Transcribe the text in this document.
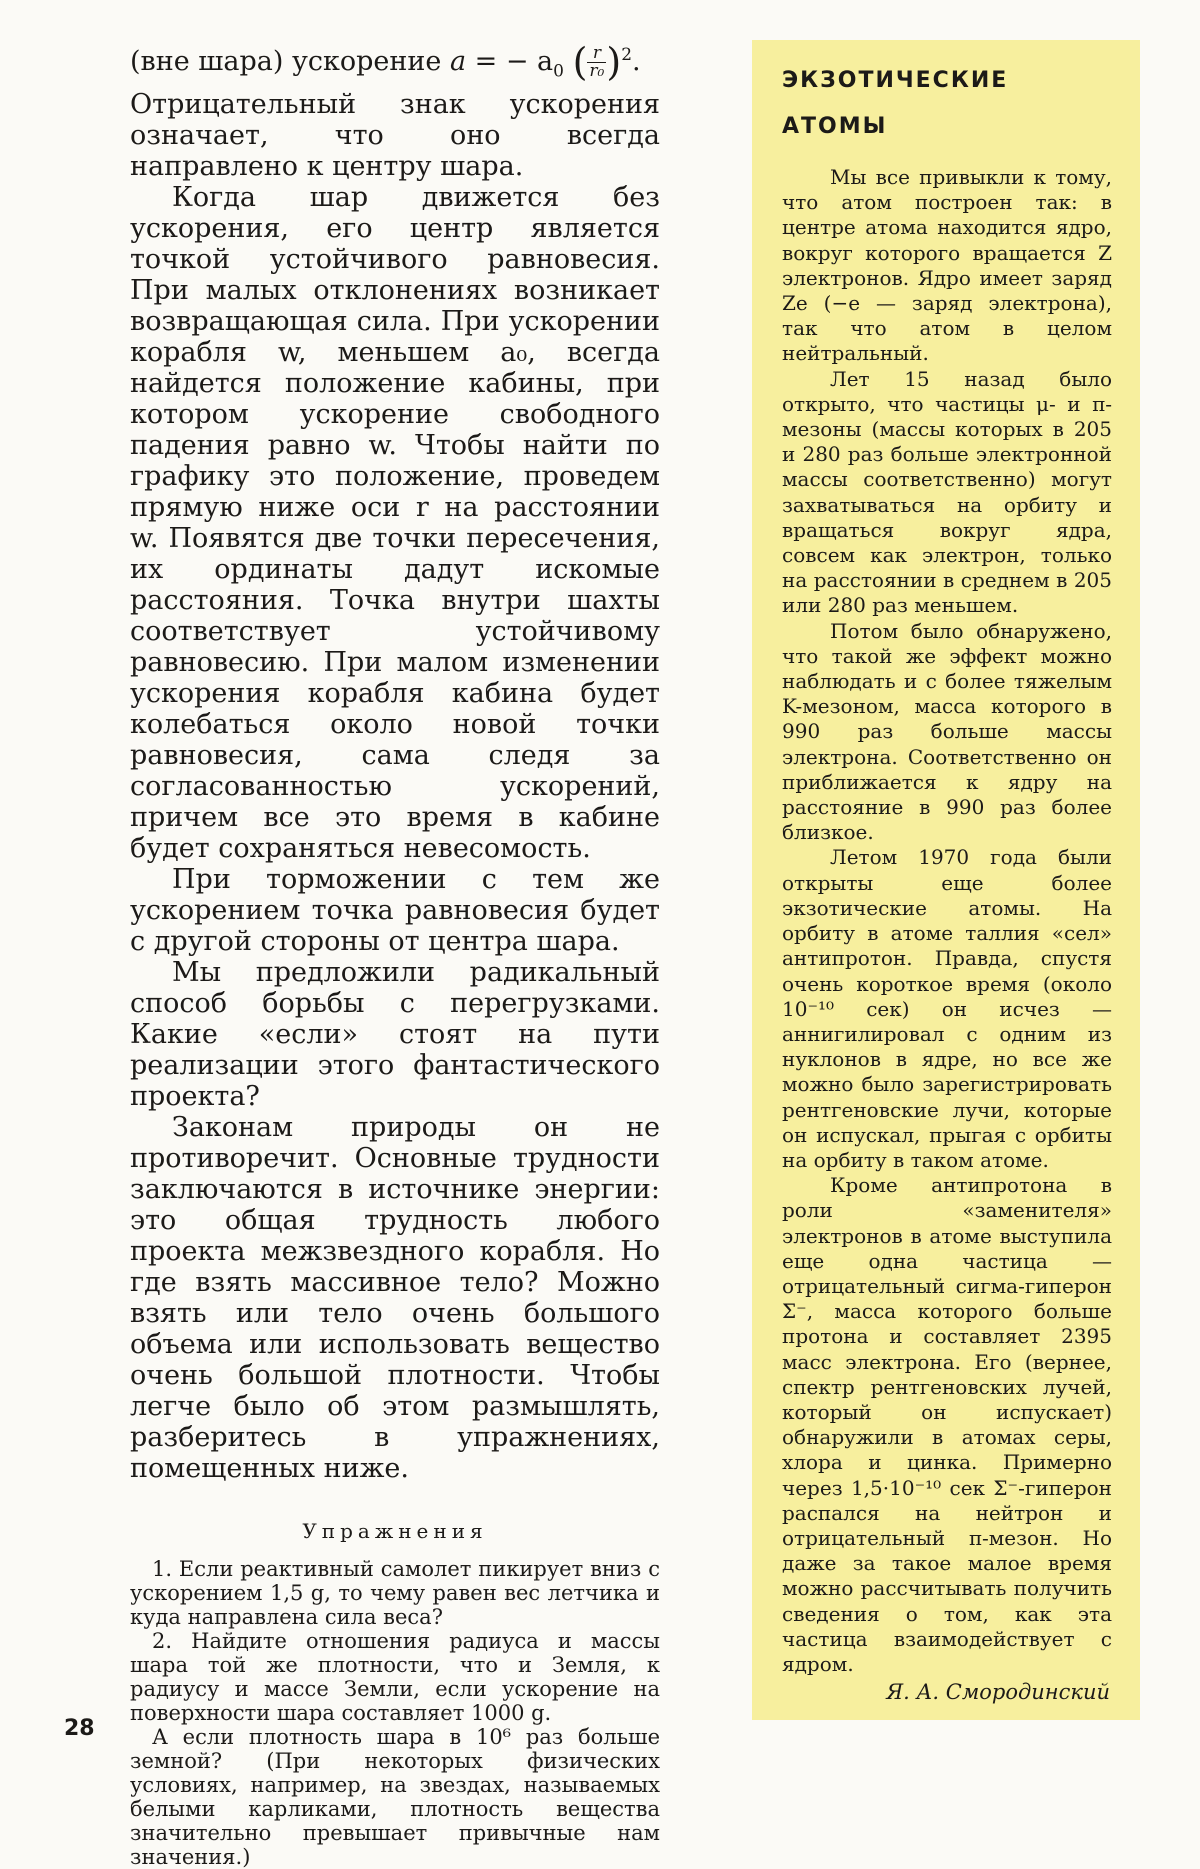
(вне шара) ускорение a = − $a_0$ ( $\frac{r}{\text{r₀}} )^2$.

Отрицательный знак ускорения означает, что оно всегда направлено к центру шара.

Когда шар движется без ускорения, его центр является точкой устойчивого равновесия. При малых отклонениях возникает возвращающая сила. При ускорении корабля w, меньшем a₀, всегда найдется положение кабины, при котором ускорение свободного падения равно w. Чтобы найти по графику это положение, проведем прямую ниже оси r на расстоянии w. Появятся две точки пересечения, их ординаты дадут искомые расстояния. Точка внутри шахты соответствует устойчивому равновесию. При малом изменении ускорения корабля кабина будет колебаться около новой точки равновесия, сама следя за согласованностью ускорений, причем все это время в кабине будет сохраняться невесомость.

При торможении с тем же ускорением точка равновесия будет с другой стороны от центра шара.

Мы предложили радикальный способ борьбы с перегрузками. Какие «если» стоят на пути реализации этого фантастического проекта?

Законам природы он не противоречит. Основные трудности заключаются в источнике энергии: это общая трудность любого проекта межзвездного корабля. Но где взять массивное тело? Можно взять или тело очень большого объема или использовать вещество очень большой плотности. Чтобы легче было об этом размышлять, разберитесь в упражнениях, помещенных ниже.

Упражнения

1. Если реактивный самолет пикирует вниз с ускорением 1,5 g, то чему равен вес летчика и куда направлена сила веса?

2. Найдите отношения радиуса и массы шара той же плотности, что и Земля, к радиусу и массе Земли, если ускорение на поверхности шара составляет 1000 g.

А если плотность шара в 10⁶ раз больше земной? (При некоторых физических условиях, например, на звездах, называемых белыми карликами, плотность вещества значительно превышает привычные нам значения.)

ЭКЗОТИЧЕСКИЕ АТОМЫ

Мы все привыкли к тому, что атом построен так: в центре атома находится ядро, вокруг которого вращается Z электронов. Ядро имеет заряд Ze (−e — заряд электрона), так что атом в целом нейтральный.

Лет 15 назад было открыто, что частицы μ- и π-мезоны (массы которых в 205 и 280 раз больше электронной массы соответственно) могут захватываться на орбиту и вращаться вокруг ядра, совсем как электрон, только на расстоянии в среднем в 205 или 280 раз меньшем.

Потом было обнаружено, что такой же эффект можно наблюдать и с более тяжелым K-мезоном, масса которого в 990 раз больше массы электрона. Соответственно он приближается к ядру на расстояние в 990 раз более близкое.

Летом 1970 года были открыты еще более экзотические атомы. На орбиту в атоме таллия «сел» антипротон. Правда, спустя очень короткое время (около 10⁻¹⁰ сек) он исчез — аннигилировал с одним из нуклонов в ядре, но все же можно было зарегистрировать рентгеновские лучи, которые он испускал, прыгая с орбиты на орбиту в таком атоме.

Кроме антипротона в роли «заменителя» электронов в атоме выступила еще одна частица — отрицательный сигма-гиперон Σ⁻, масса которого больше протона и составляет 2395 масс электрона. Его (вернее, спектр рентгеновских лучей, который он испускает) обнаружили в атомах серы, хлора и цинка. Примерно через 1,5·10⁻¹⁰ сек Σ⁻-гиперон распался на нейтрон и отрицательный π-мезон. Но даже за такое малое время можно рассчитывать получить сведения о том, как эта частица взаимодействует с ядром.

Я. А. Смородинский
28
